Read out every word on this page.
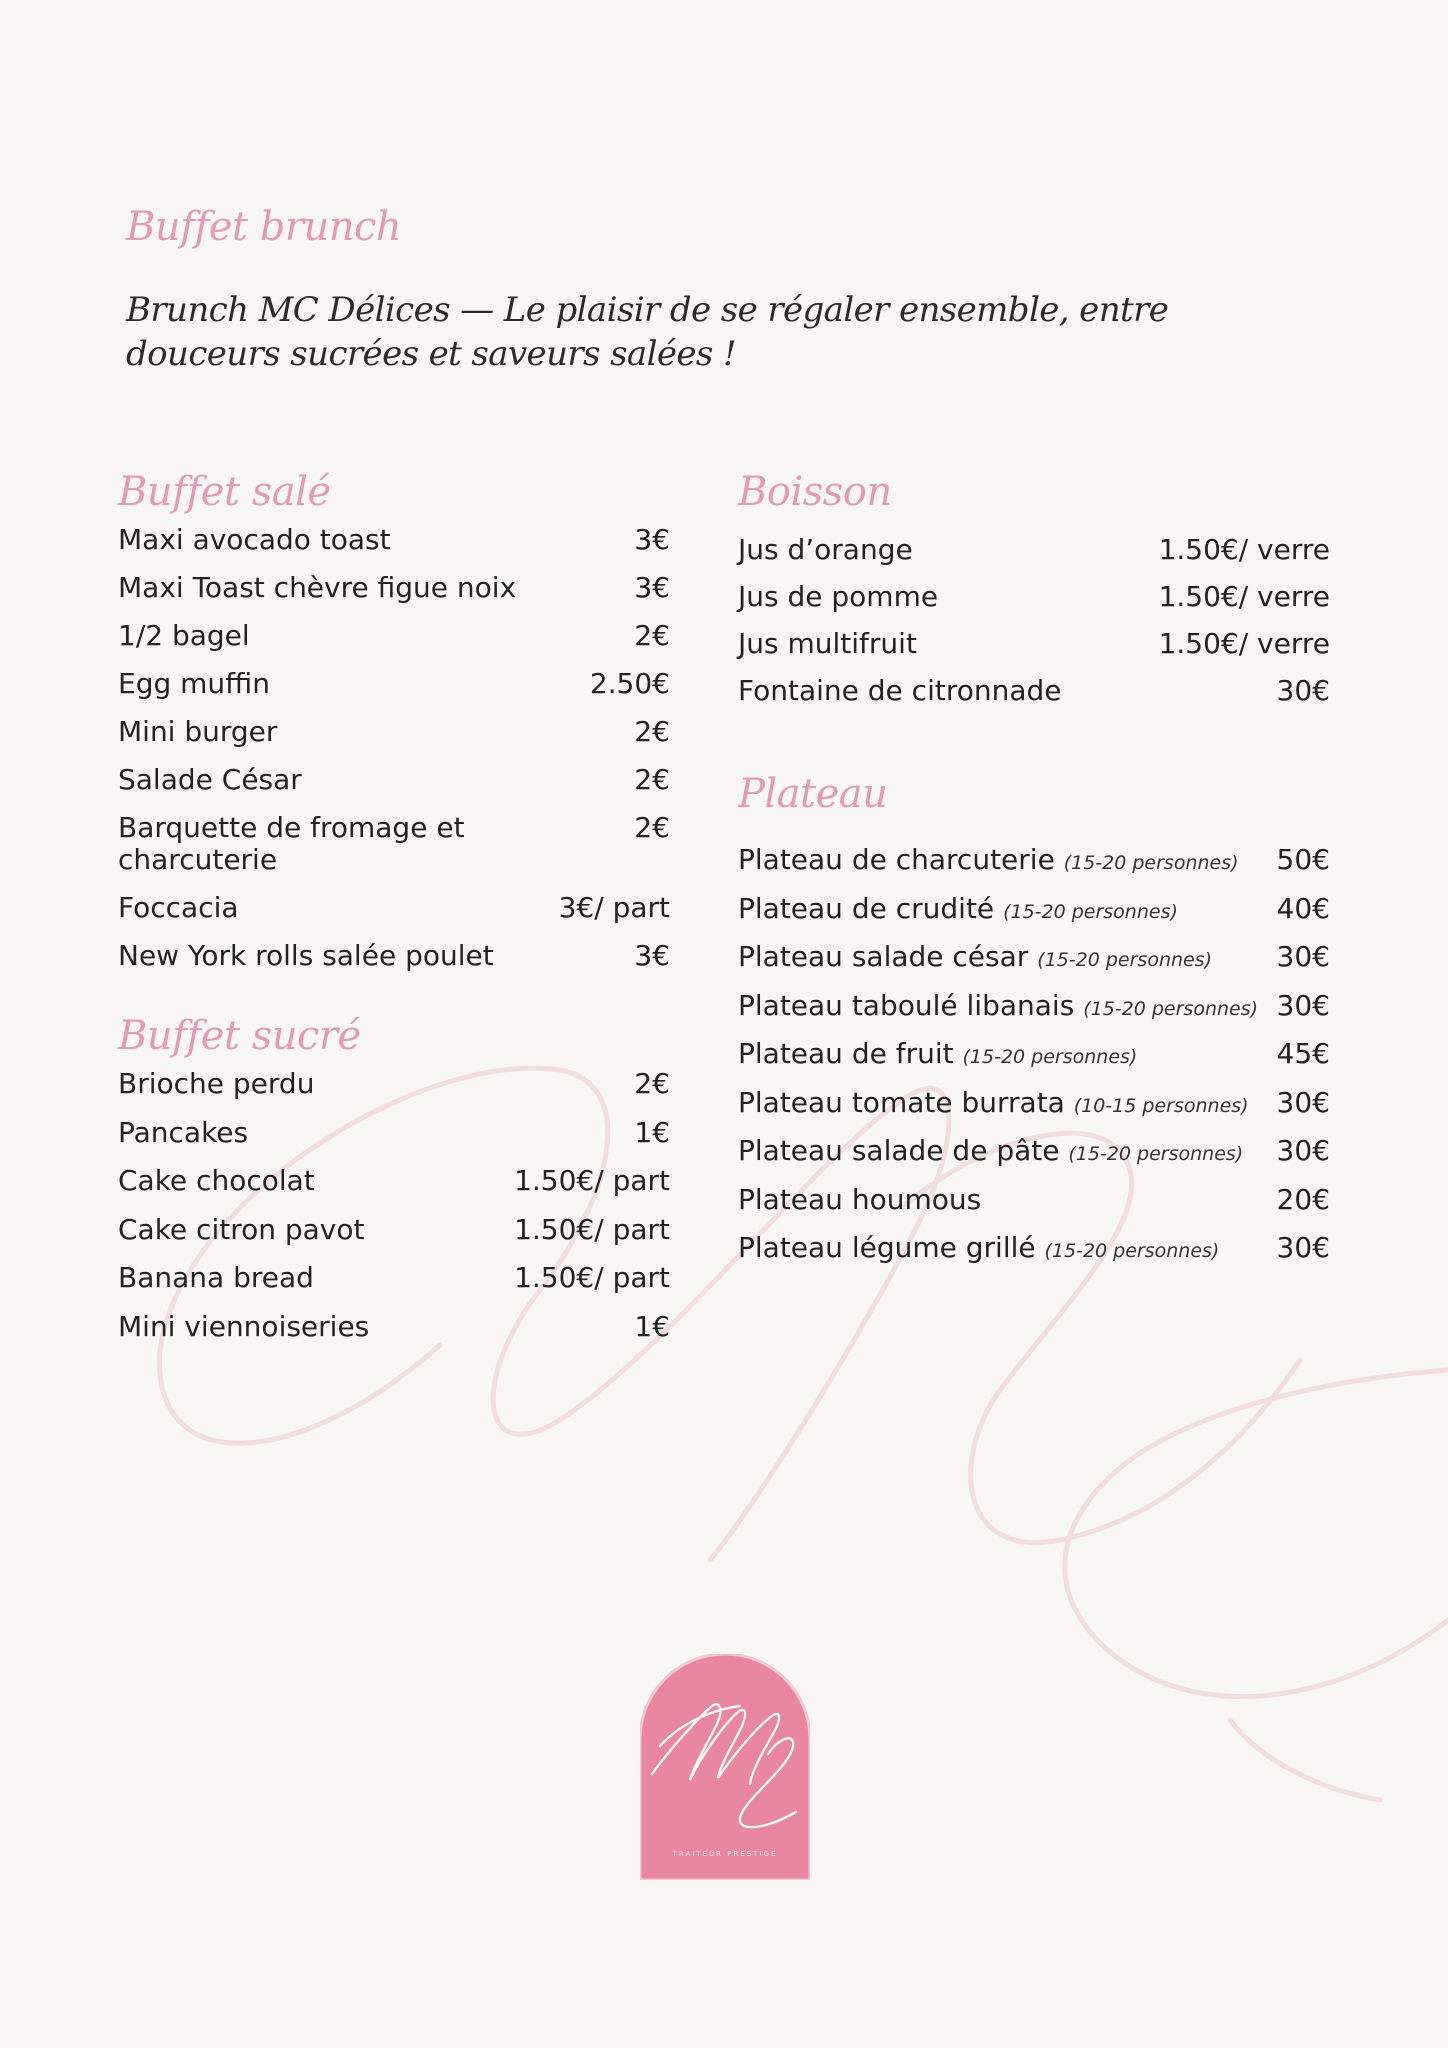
Buffet brunch

Brunch MC Délices — Le plaisir de se régaler ensemble, entre douceurs sucrées et saveurs salées !

Buffet salé
Maxi avocado toast	3€
Maxi Toast chèvre figue noix	3€
1/2 bagel	2€
Egg muffin	2.50€
Mini burger	2€
Salade César	2€
Barquette de fromage et charcuterie
2€
Foccacia	3€/ part
New York rolls salée poulet	3€
Buffet sucré
Brioche perdu	2€
Pancakes	1€
Cake chocolat	1.50€/ part
Cake citron pavot	1.50€/ part
Banana bread	1.50€/ part
Mini viennoiseries	1€
Boisson
Jus d’orange	1.50€/ verre
Jus de pomme	1.50€/ verre
Jus multifruit	1.50€/ verre
Fontaine de citronnade	30€
Plateau
Plateau de charcuterie (15-20 personnes)	50€
Plateau de crudité (15-20 personnes)	40€
Plateau salade césar (15-20 personnes)	30€
Plateau taboulé libanais (15-20 personnes) 30€
Plateau de fruit (15-20 personnes)	45€
Plateau tomate burrata (10-15 personnes) 30€
Plateau salade de pâte (15-20 personnes)	30€
Plateau houmous	20€
Plateau légume grillé (15-20 personnes)	30€
TRAITEUR PRESTIGE
